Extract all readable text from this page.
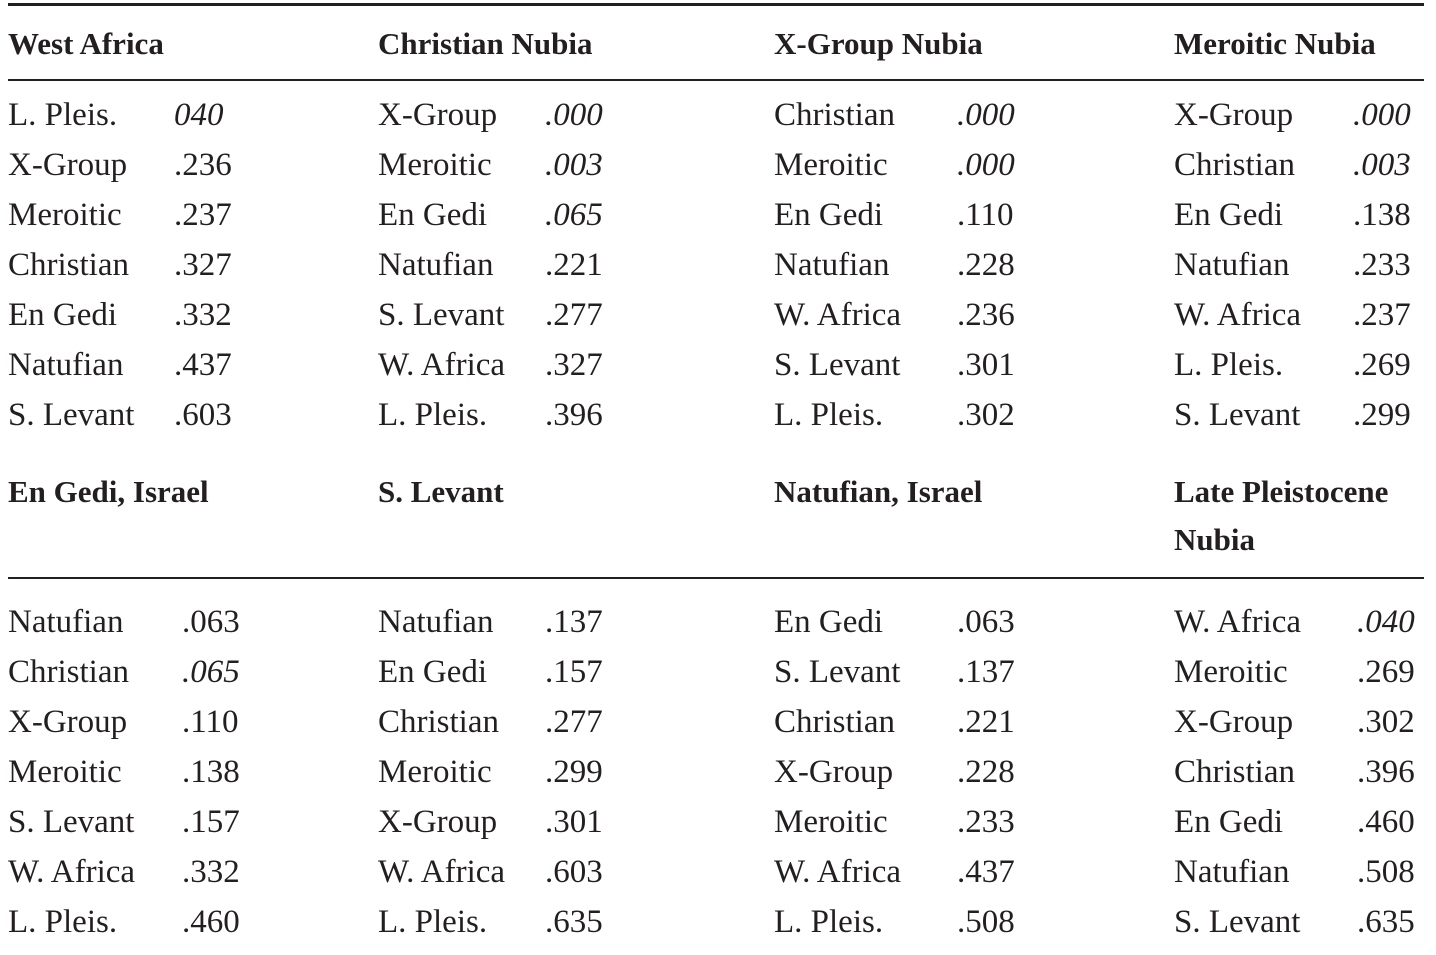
West Africa
L. Pleis. 040
X-Group .236
Meroitic .237
Christian .327
En Gedi .332
Natufian .437
S. Levant .603
Christian Nubia
X-Group .000
Meroitic .003
En Gedi .065
Natufian .221
S. Levant .277
W. Africa .327
L. Pleis. .396
X-Group Nubia
Christian .000
Meroitic .000
En Gedi .110
Natufian .228
W. Africa .236
S. Levant .301
L. Pleis. .302
Meroitic Nubia
X-Group .000
Christian .003
En Gedi .138
Natufian .233
W. Africa .237
L. Pleis. .269
S. Levant .299
En Gedi, Israel
Natufian .063
Christian .065
X-Group .110
Meroitic .138
S. Levant .157
W. Africa .332
L. Pleis. .460
S. Levant
Natufian .137
En Gedi .157
Christian .277
Meroitic .299
X-Group .301
W. Africa .603
L. Pleis. .635
Natufian, Israel
En Gedi .063
S. Levant .137
Christian .221
X-Group .228
Meroitic .233
W. Africa .437
L. Pleis. .508
Late Pleistocene Nubia
W. Africa .040
Meroitic .269
X-Group .302
Christian .396
En Gedi .460
Natufian .508
S. Levant .635
